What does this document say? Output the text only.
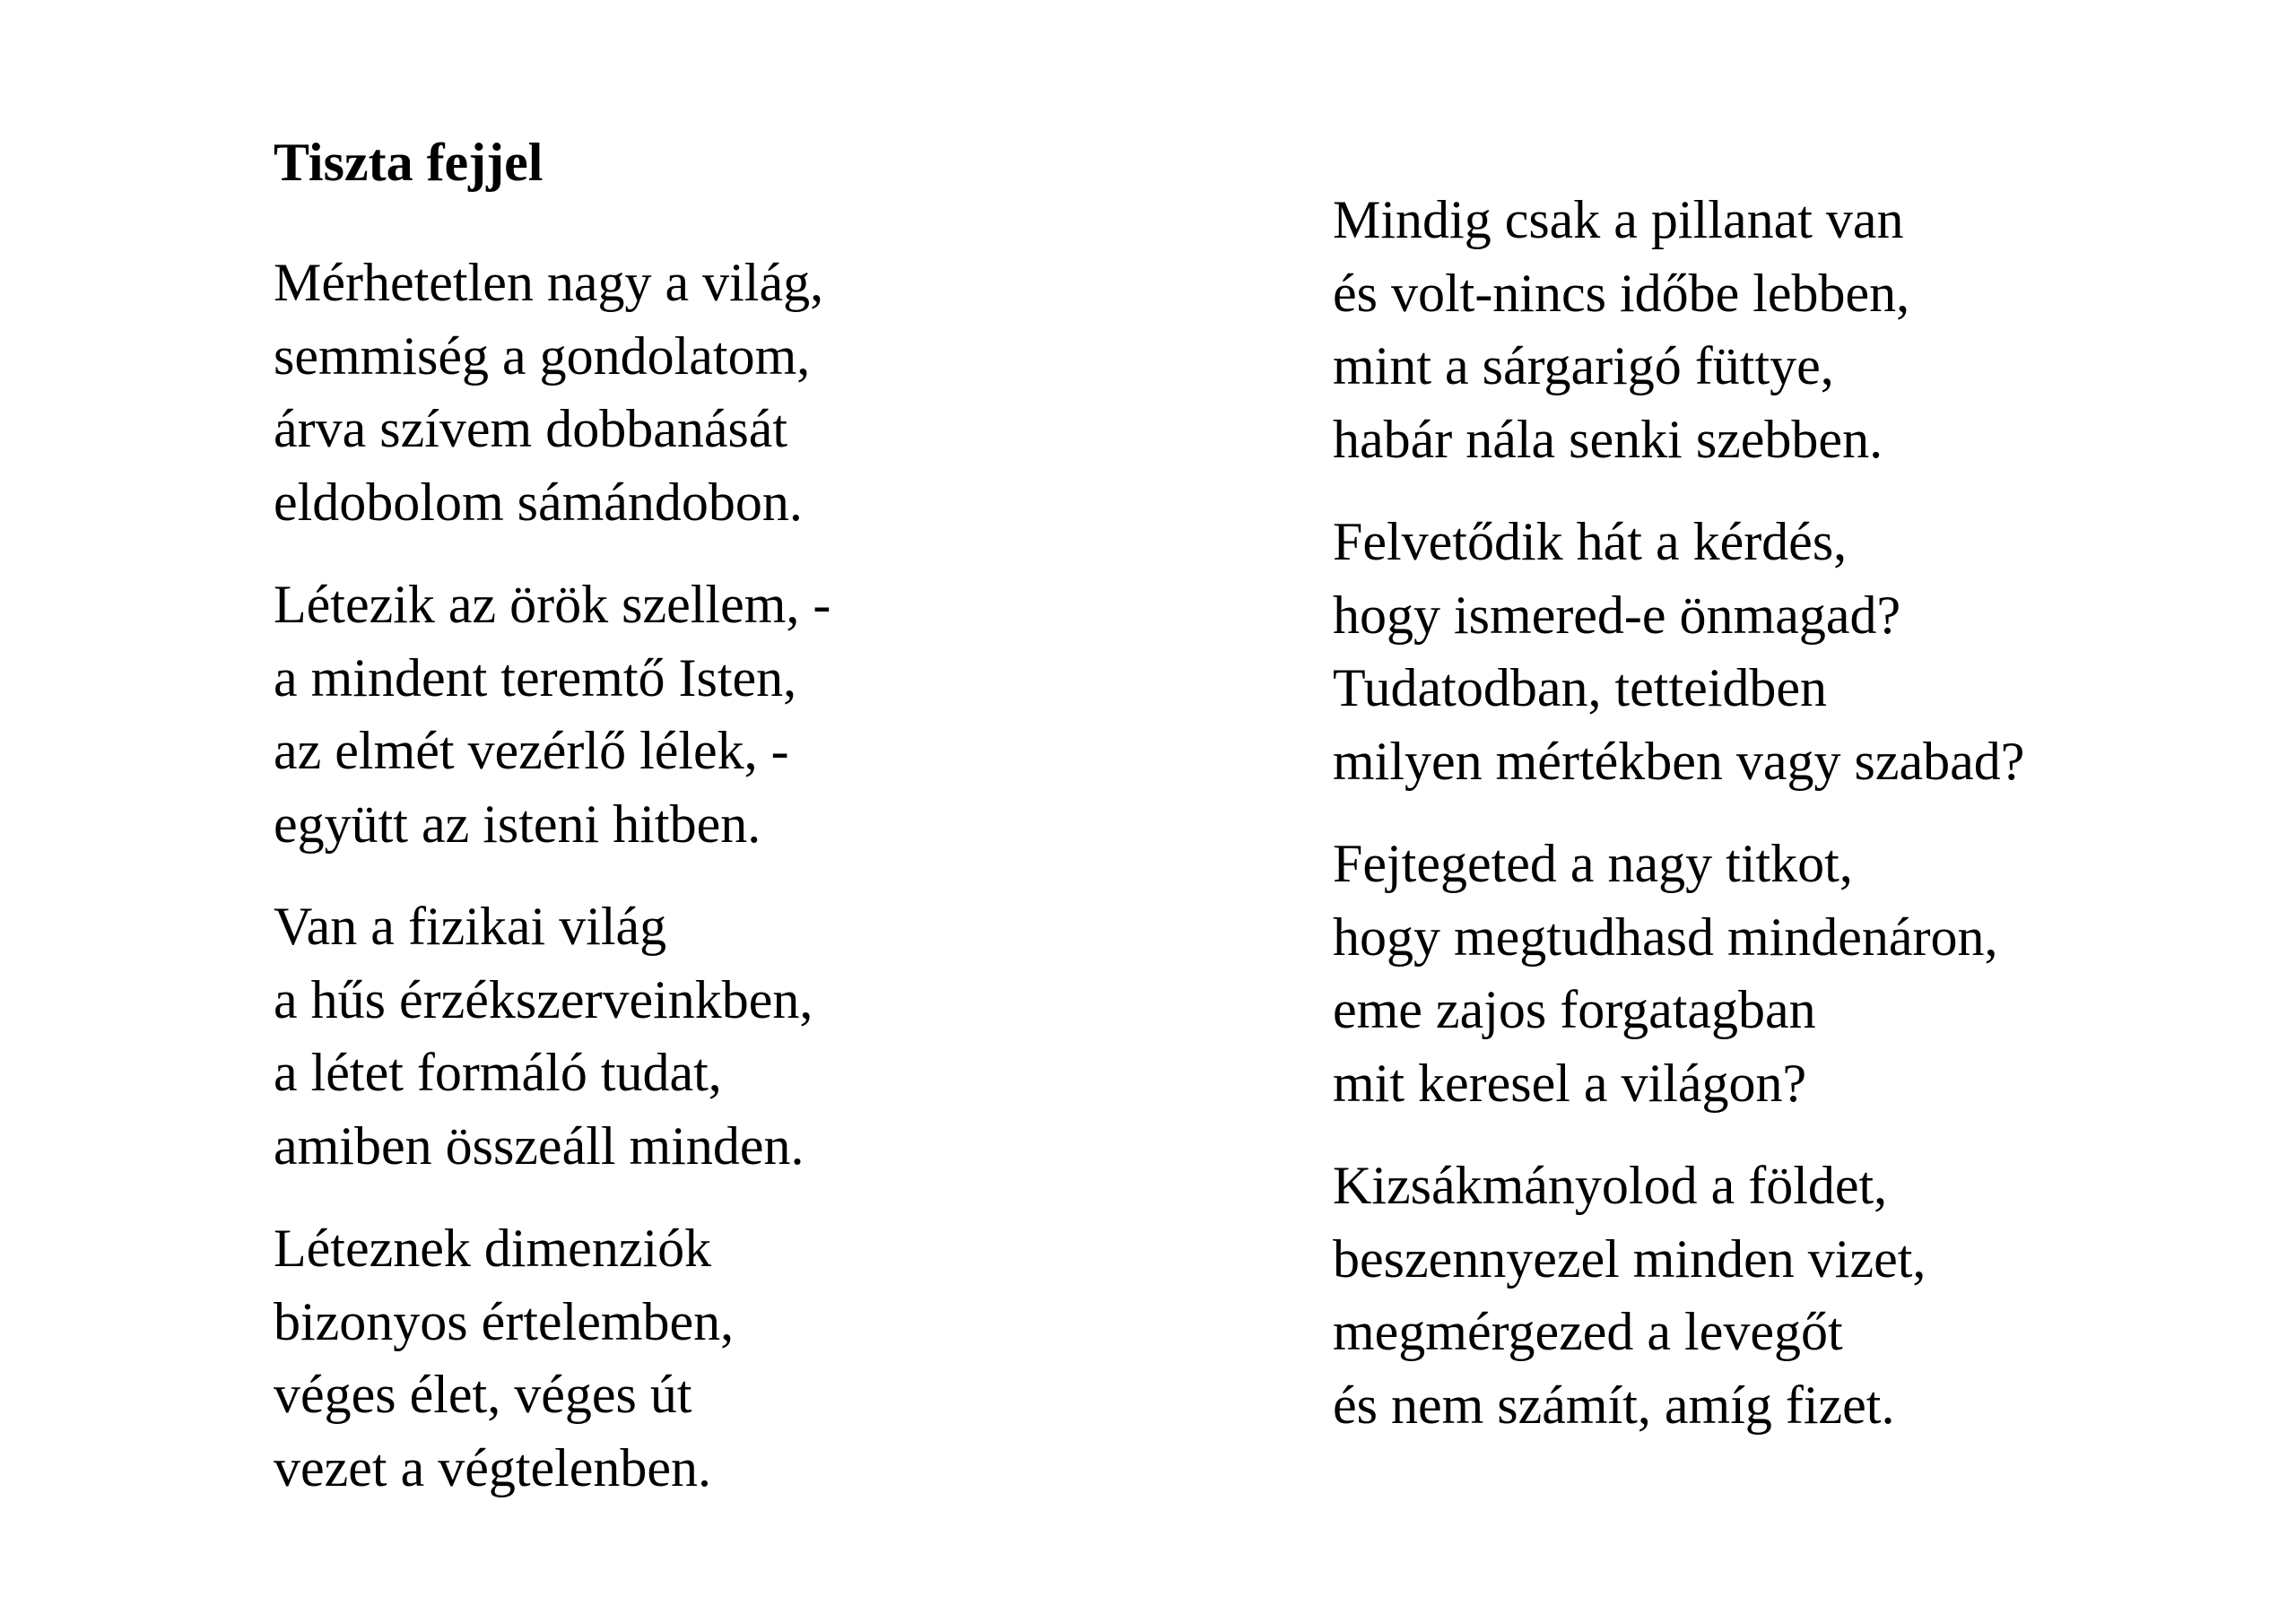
Tiszta fejjel
Mérhetetlen nagy a világ,
semmiség a gondolatom,
árva szívem dobbanását
eldobolom sámándobon.
Létezik az örök szellem, -
a mindent teremtő Isten,
az elmét vezérlő lélek, -
együtt az isteni hitben.
Van a fizikai világ
a hűs érzékszerveinkben,
a létet formáló tudat,
amiben összeáll minden.
Léteznek dimenziók
bizonyos értelemben,
véges élet, véges út
vezet a végtelenben.
Mindig csak a pillanat van
és volt-nincs időbe lebben,
mint a sárgarigó füttye,
habár nála senki szebben.
Felvetődik hát a kérdés,
hogy ismered-e önmagad?
Tudatodban, tetteidben
milyen mértékben vagy szabad?
Fejtegeted a nagy titkot,
hogy megtudhasd mindenáron,
eme zajos forgatagban
mit keresel a világon?
Kizsákmányolod a földet,
beszennyezel minden vizet,
megmérgezed a levegőt
és nem számít, amíg fizet.
